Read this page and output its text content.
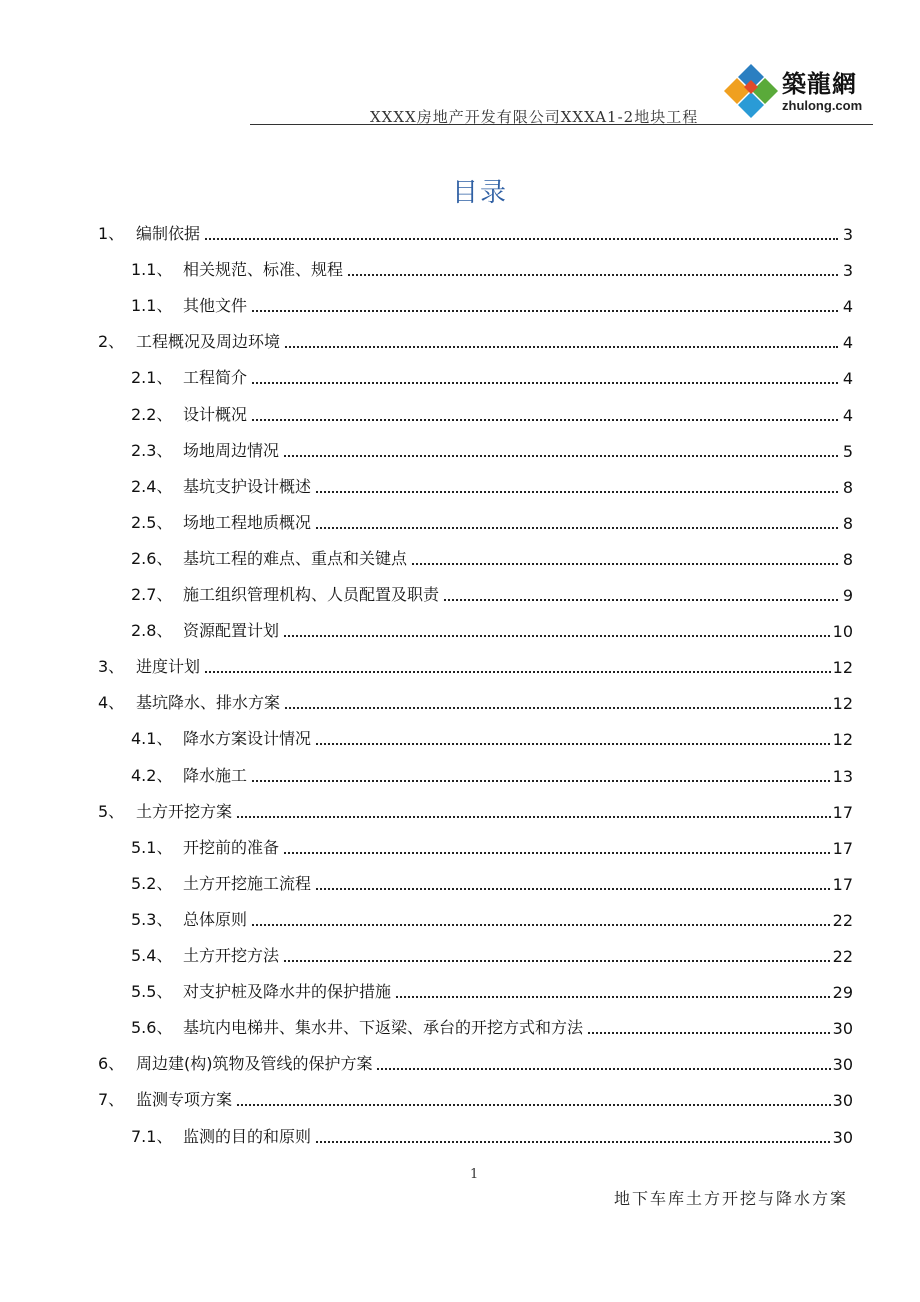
築龍網
zhulong.com
XXXX房地产开发有限公司XXXA1-2地块工程
目录
1、 编制依据	3
1.1、 相关规范、标准、规程	3
1.1、 其他文件	4
2、 工程概况及周边环境	4
2.1、 工程简介	4
2.2、 设计概况	4
2.3、 场地周边情况	5
2.4、 基坑支护设计概述	8
2.5、 场地工程地质概况	8
2.6、 基坑工程的难点、重点和关键点	8
2.7、 施工组织管理机构、人员配置及职责	9
2.8、 资源配置计划	10
3、 进度计划	12
4、 基坑降水、排水方案	12
4.1、 降水方案设计情况	12
4.2、 降水施工	13
5、 土方开挖方案	17
5.1、 开挖前的准备	17
5.2、 土方开挖施工流程	17
5.3、 总体原则	22
5.4、 土方开挖方法	22
5.5、 对支护桩及降水井的保护措施	29
5.6、 基坑内电梯井、集水井、下返梁、承台的开挖方式和方法	30
6、 周边建(构)筑物及管线的保护方案	30
7、 监测专项方案	30
7.1、 监测的目的和原则	30
1
地下车库土方开挖与降水方案
